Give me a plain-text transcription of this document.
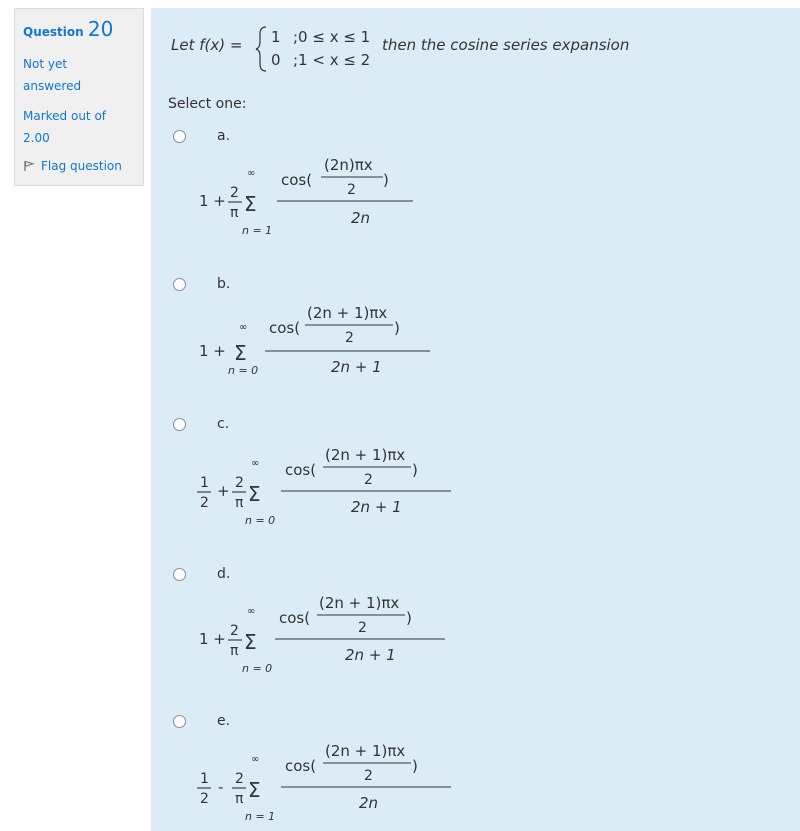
Question 20
Not yet
answered
Marked out of
2.00
Flag question
Let f(x) = 1 ;0 ≤ x ≤ 1
0 ;1 < x ≤ 2
then the cosine series expansion
Select one:
a.
1 + 2
π
∞
Σ
n = 1
cos(
(2n)πx
2
)
2n
b.
1 +
∞
Σ
n = 0
cos(
(2n + 1)πx
2
)
2n + 1
c.
1
2
+ 2
π
∞
Σ
n = 0
cos(
(2n + 1)πx
2
)
2n + 1
d.
1 + 2
π
∞
Σ
n = 0
cos(
(2n + 1)πx
2
)
2n + 1
e.
1
2
- 2
π
∞
Σ
n = 1
cos(
(2n + 1)πx
2
)
2n
